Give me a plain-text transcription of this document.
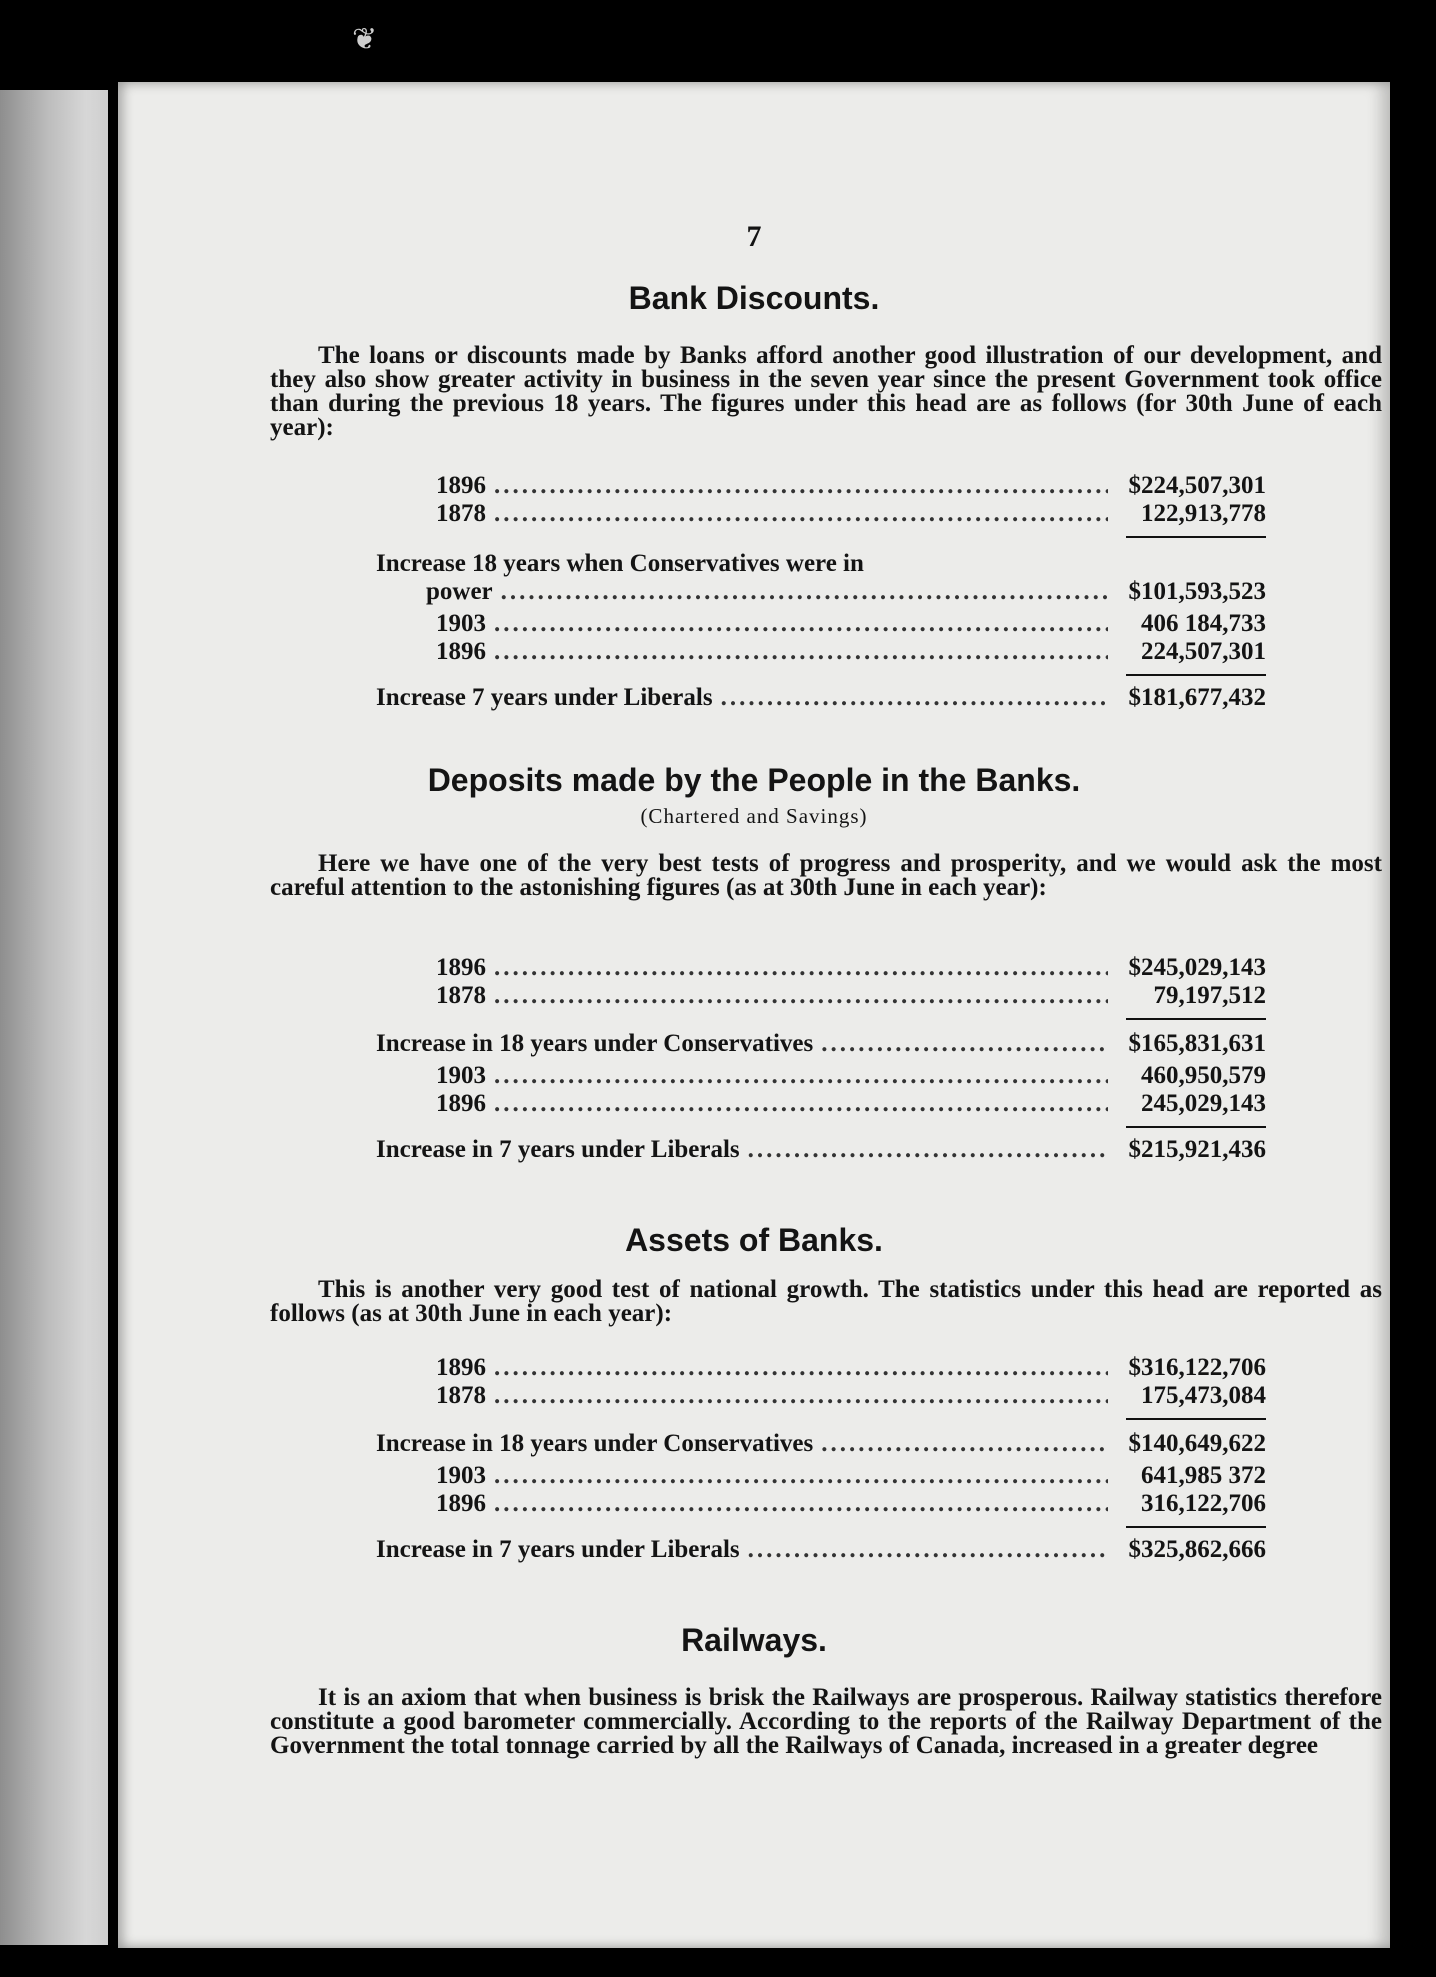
❦
7
Bank Discounts.
The loans or discounts made by Banks afford another good illustration of our development, and they also show greater activity in business in the seven year since the present Government took office than during the previous 18 years. The figures under this head are as follows (for 30th June of each year):
1896 .....	$224,507,301
1878 .....	122,913,778
Increase 18 years when Conservatives were in
power .....	$101,593,523
1903 .....	406 184,733
1896 .....	224,507,301
Increase 7 years under Liberals .....	$181,677,432
Deposits made by the People in the Banks.
(Chartered and Savings)
Here we have one of the very best tests of progress and prosperity, and we would ask the most careful attention to the astonishing figures (as at 30th June in each year):
1896 .....	$245,029,143
1878 .....	79,197,512
Increase in 18 years under Conservatives .....	$165,831,631
1903 .....	460,950,579
1896 .....	245,029,143
Increase in 7 years under Liberals .....	$215,921,436
Assets of Banks.
This is another very good test of national growth. The statistics under this head are reported as follows (as at 30th June in each year):
1896 .....	$316,122,706
1878 .....	175,473,084
Increase in 18 years under Conservatives .....	$140,649,622
1903 .....	641,985 372
1896 .....	316,122,706
Increase in 7 years under Liberals .....	$325,862,666
Railways.
It is an axiom that when business is brisk the Railways are prosperous. Railway statistics therefore constitute a good barometer commercially. According to the reports of the Railway Department of the Government the total tonnage carried by all the Railways of Canada, increased in a greater degree
